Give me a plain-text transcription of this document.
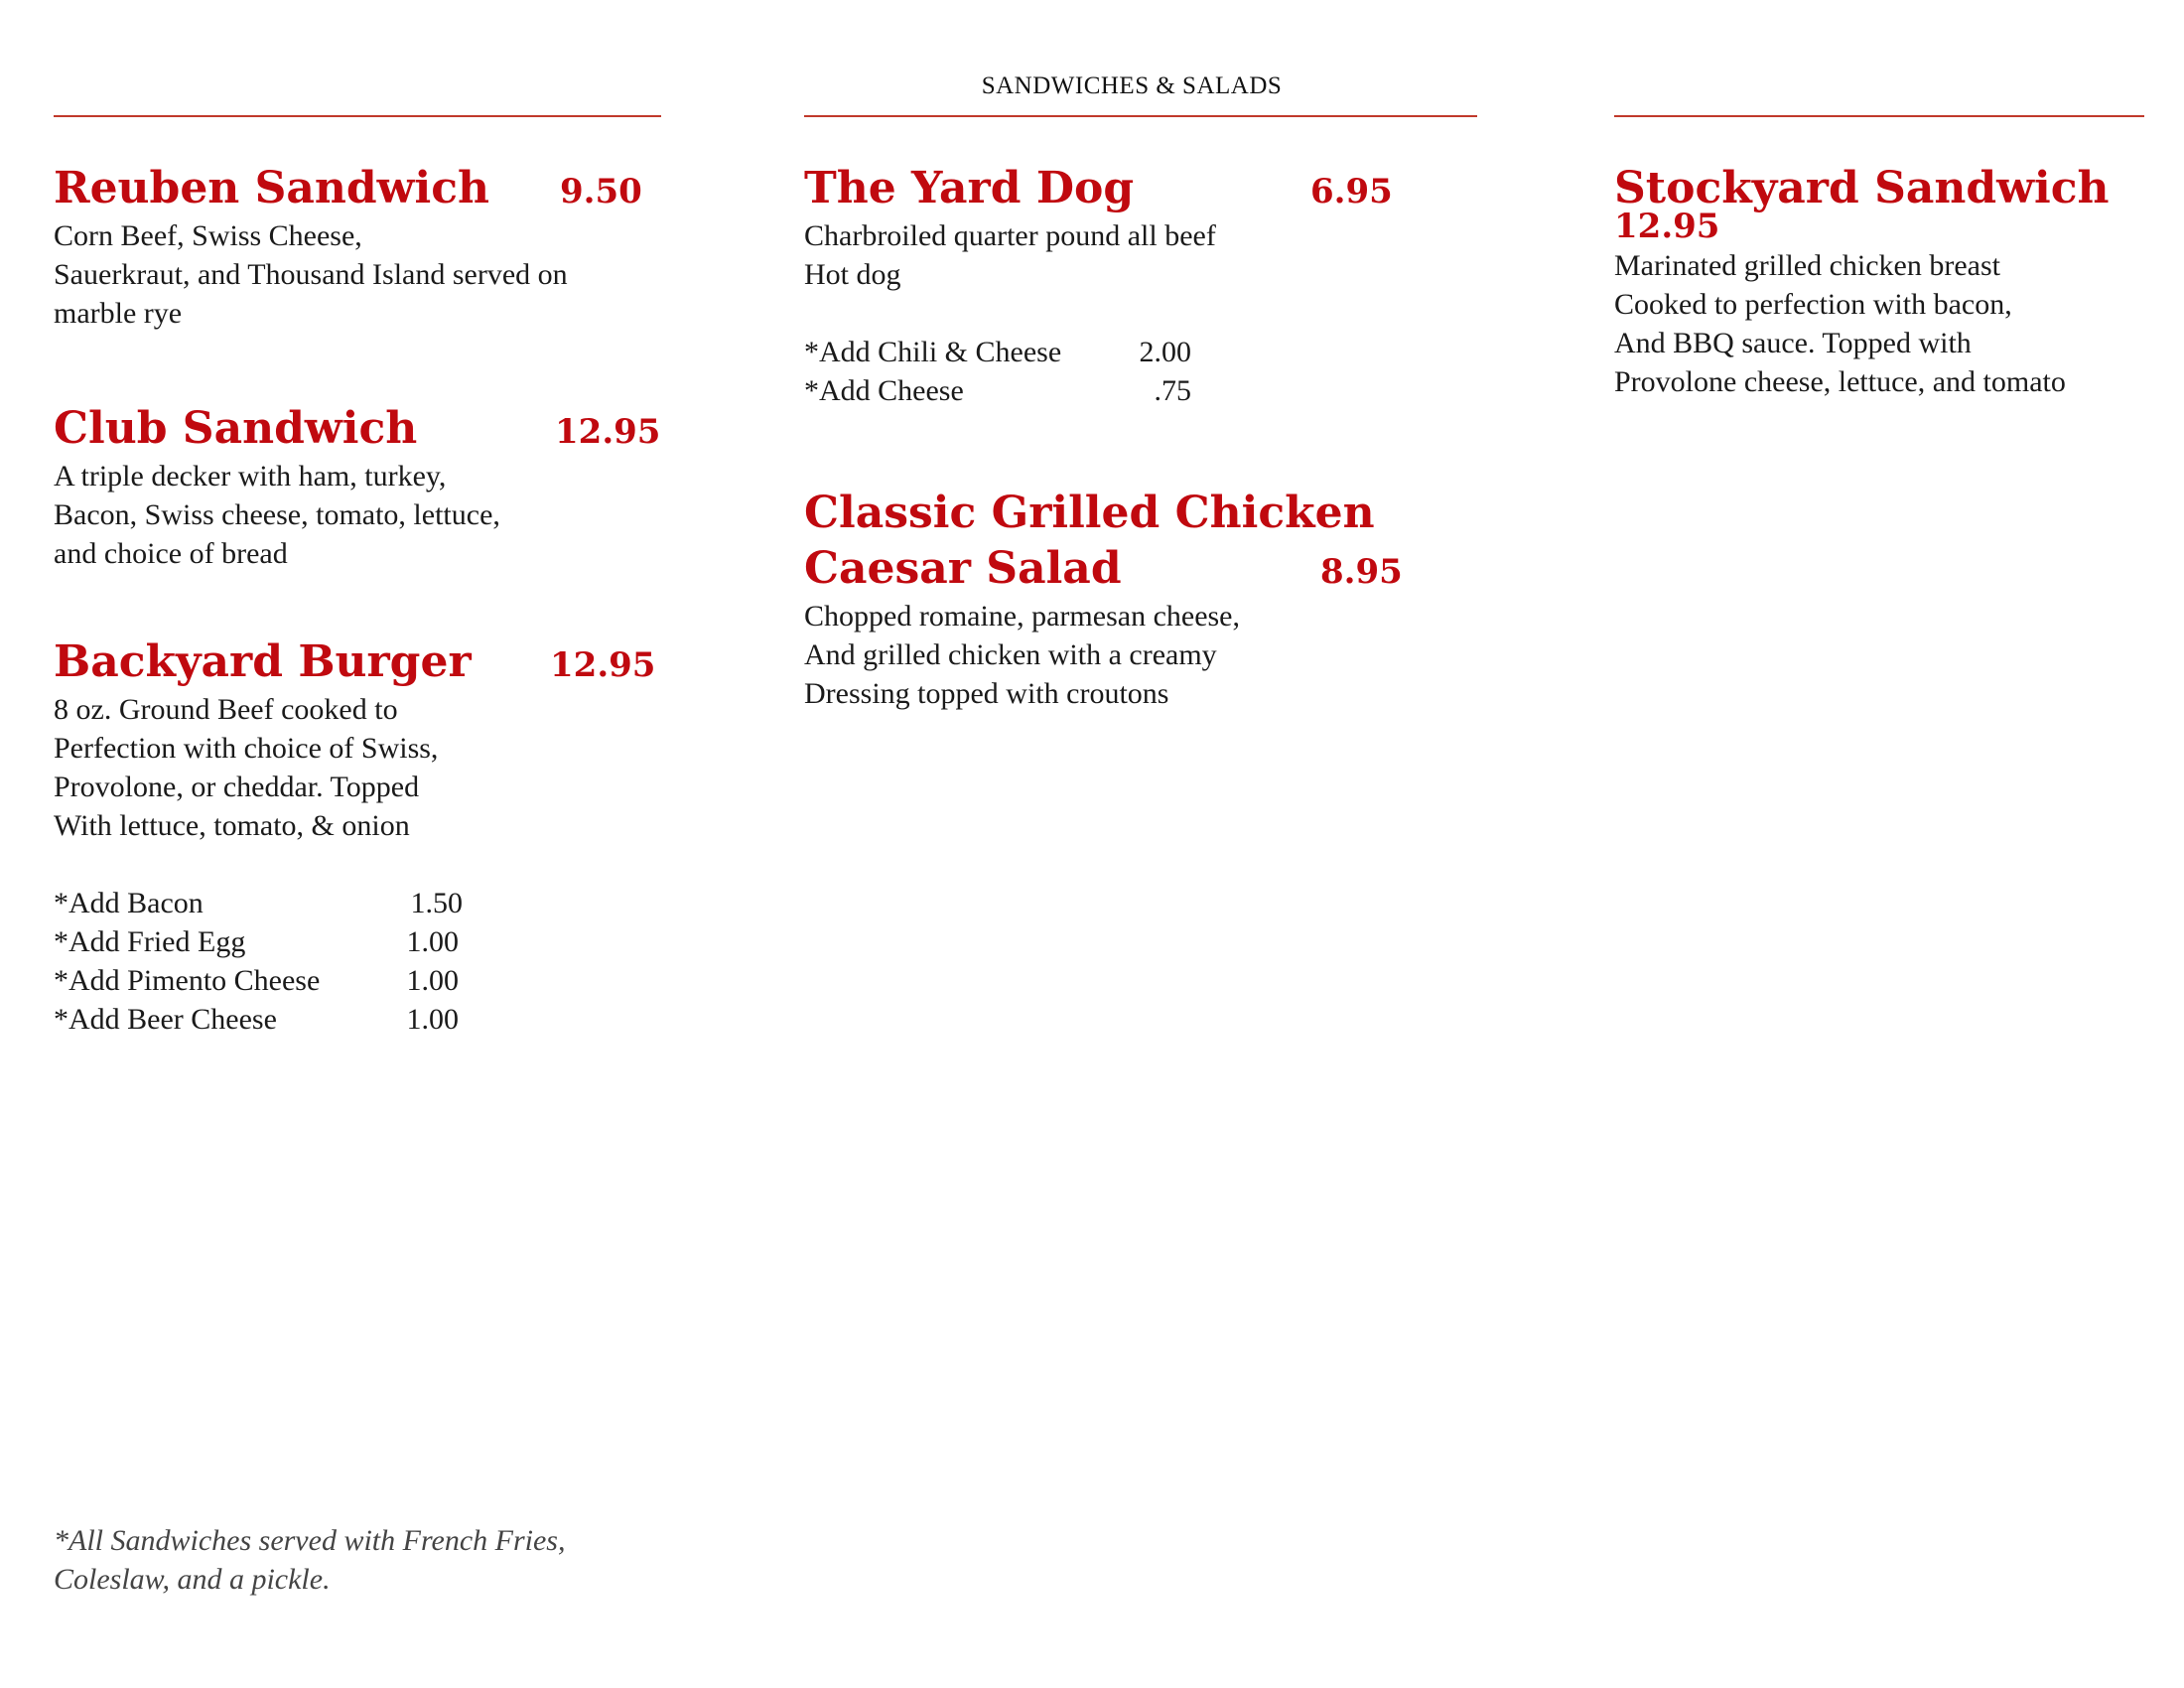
SANDWICHES & SALADS
Reuben Sandwich	9.50
Corn Beef, Swiss Cheese,
Sauerkraut, and Thousand Island served on
marble rye
Club Sandwich	12.95
A triple decker with ham, turkey,
Bacon, Swiss cheese, tomato, lettuce,
and choice of bread
Backyard Burger	12.95
8 oz. Ground Beef cooked to
Perfection with choice of Swiss,
Provolone, or cheddar. Topped
With lettuce, tomato, & onion
*Add Bacon	1.50
*Add Fried Egg	1.00
*Add Pimento Cheese	1.00
*Add Beer Cheese	1.00
The Yard Dog	6.95
Charbroiled quarter pound all beef
Hot dog
*Add Chili & Cheese	2.00
*Add Cheese	.75
Classic Grilled Chicken
Caesar Salad	8.95
Chopped romaine, parmesan cheese,
And grilled chicken with a creamy
Dressing topped with croutons
Stockyard Sandwich
12.95
Marinated grilled chicken breast
Cooked to perfection with bacon,
And BBQ sauce. Topped with
Provolone cheese, lettuce, and tomato
*All Sandwiches served with French Fries,
Coleslaw, and a pickle.
